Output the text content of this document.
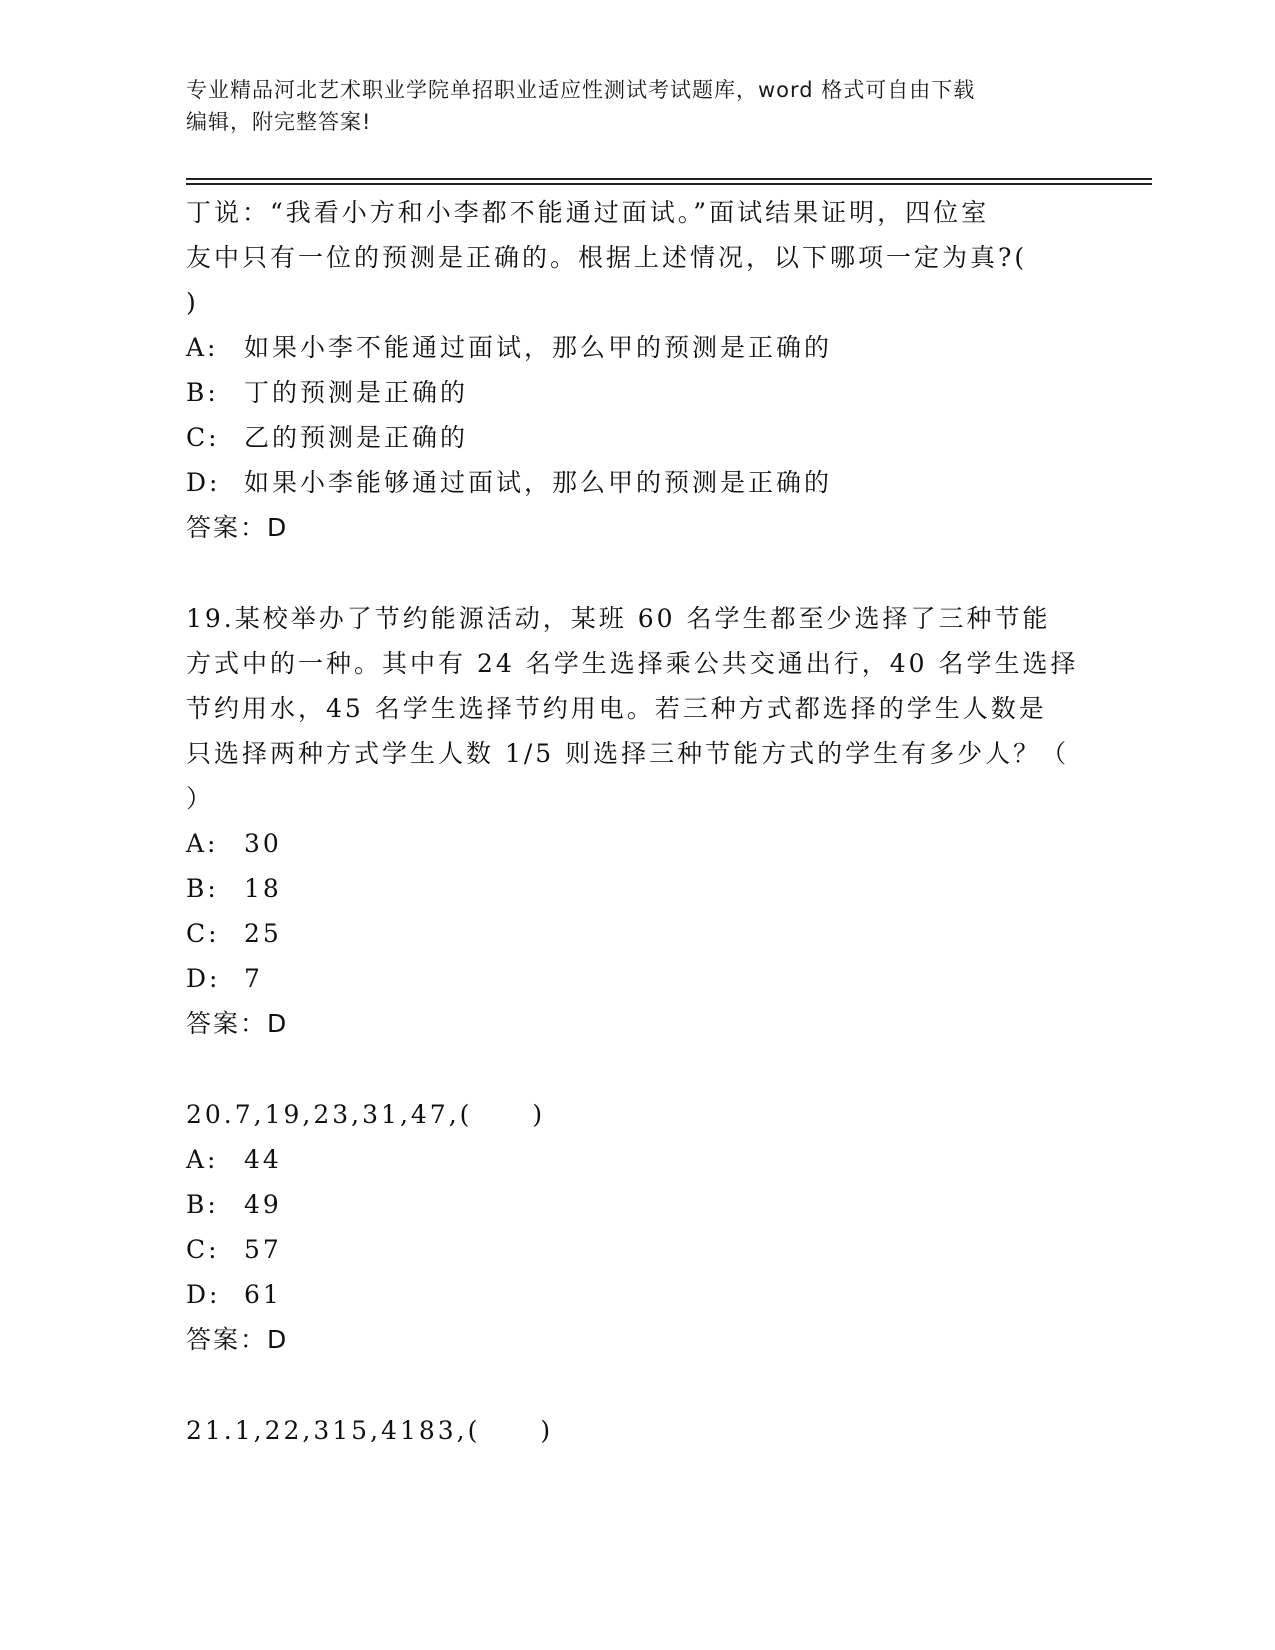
专业精品河北艺术职业学院单招职业适应性测试考试题库，word 格式可自由下载
编辑，附完整答案!

丁说：“我看小方和小李都不能通过面试。”面试结果证明，四位室

友中只有一位的预测是正确的。根据上述情况，以下哪项一定为真?(

)

A:	如果小李不能通过面试，那么甲的预测是正确的
B:	丁的预测是正确的
C: 乙的预测是正确的
D: 如果小李能够通过面试，那么甲的预测是正确的

答案：D

19.某校举办了节约能源活动，某班 60 名学生都至少选择了三种节能

方式中的一种。其中有 24 名学生选择乘公共交通出行，40 名学生选择

节约用水，45 名学生选择节约用电。若三种方式都选择的学生人数是

只选择两种方式学生人数 1/5 则选择三种节能方式的学生有多少人？（

）

A:	30
B:	18
C: 25
D: 7

答案：D

20.7,19,23,31,47,( )

A:	44
B:	49
C: 57
D: 61

答案：D

21.1,22,315,4183,( )
